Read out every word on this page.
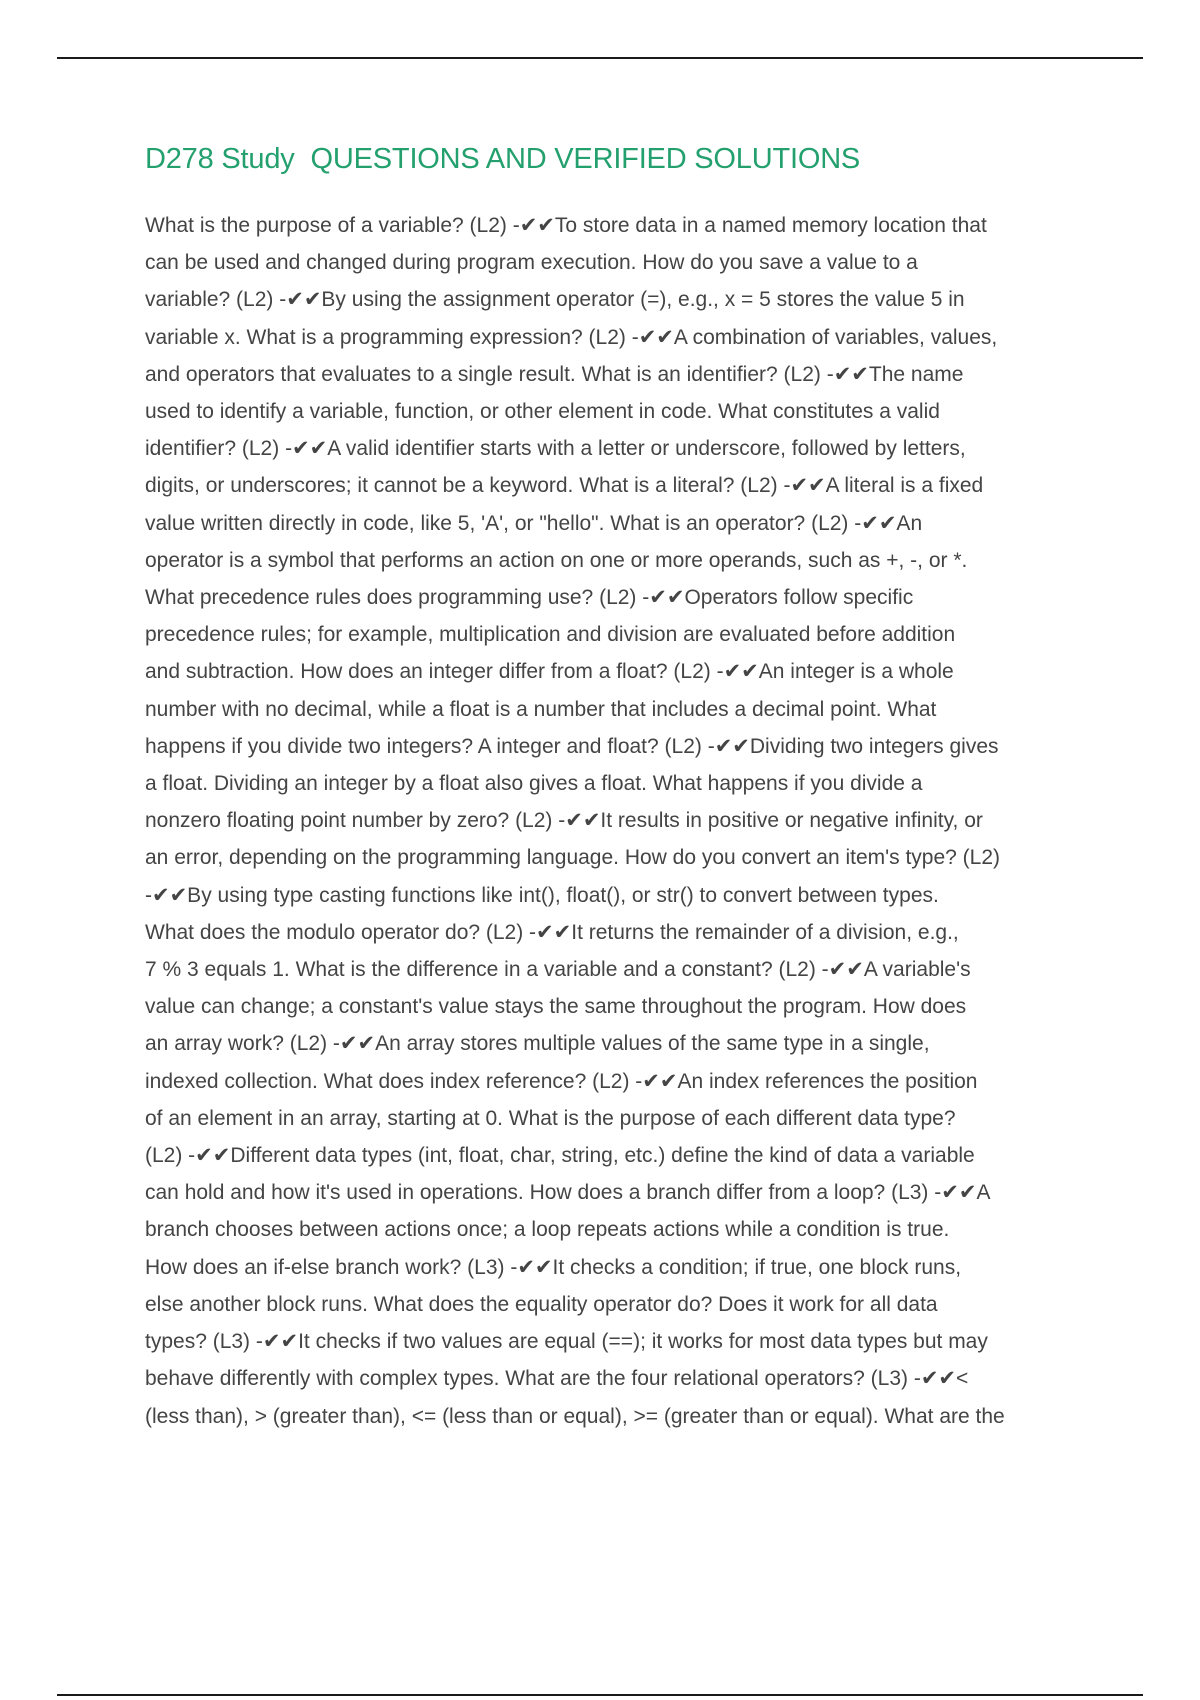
D278 Study QUESTIONS AND VERIFIED SOLUTIONS
What is the purpose of a variable? (L2) -✔✔To store data in a named memory location that
can be used and changed during program execution. How do you save a value to a
variable? (L2) -✔✔By using the assignment operator (=), e.g., x = 5 stores the value 5 in
variable x. What is a programming expression? (L2) -✔✔A combination of variables, values,
and operators that evaluates to a single result. What is an identifier? (L2) -✔✔The name
used to identify a variable, function, or other element in code. What constitutes a valid
identifier? (L2) -✔✔A valid identifier starts with a letter or underscore, followed by letters,
digits, or underscores; it cannot be a keyword. What is a literal? (L2) -✔✔A literal is a fixed
value written directly in code, like 5, 'A', or "hello". What is an operator? (L2) -✔✔An
operator is a symbol that performs an action on one or more operands, such as +, -, or *.
What precedence rules does programming use? (L2) -✔✔Operators follow specific
precedence rules; for example, multiplication and division are evaluated before addition
and subtraction. How does an integer differ from a float? (L2) -✔✔An integer is a whole
number with no decimal, while a float is a number that includes a decimal point. What
happens if you divide two integers? A integer and float? (L2) -✔✔Dividing two integers gives
a float. Dividing an integer by a float also gives a float. What happens if you divide a
nonzero floating point number by zero? (L2) -✔✔It results in positive or negative infinity, or
an error, depending on the programming language. How do you convert an item's type? (L2)
-✔✔By using type casting functions like int(), float(), or str() to convert between types.
What does the modulo operator do? (L2) -✔✔It returns the remainder of a division, e.g.,
7 % 3 equals 1. What is the difference in a variable and a constant? (L2) -✔✔A variable's
value can change; a constant's value stays the same throughout the program. How does
an array work? (L2) -✔✔An array stores multiple values of the same type in a single,
indexed collection. What does index reference? (L2) -✔✔An index references the position
of an element in an array, starting at 0. What is the purpose of each different data type?
(L2) -✔✔Different data types (int, float, char, string, etc.) define the kind of data a variable
can hold and how it's used in operations. How does a branch differ from a loop? (L3) -✔✔A
branch chooses between actions once; a loop repeats actions while a condition is true.
How does an if-else branch work? (L3) -✔✔It checks a condition; if true, one block runs,
else another block runs. What does the equality operator do? Does it work for all data
types? (L3) -✔✔It checks if two values are equal (==); it works for most data types but may
behave differently with complex types. What are the four relational operators? (L3) -✔✔<
(less than), > (greater than), <= (less than or equal), >= (greater than or equal). What are the
